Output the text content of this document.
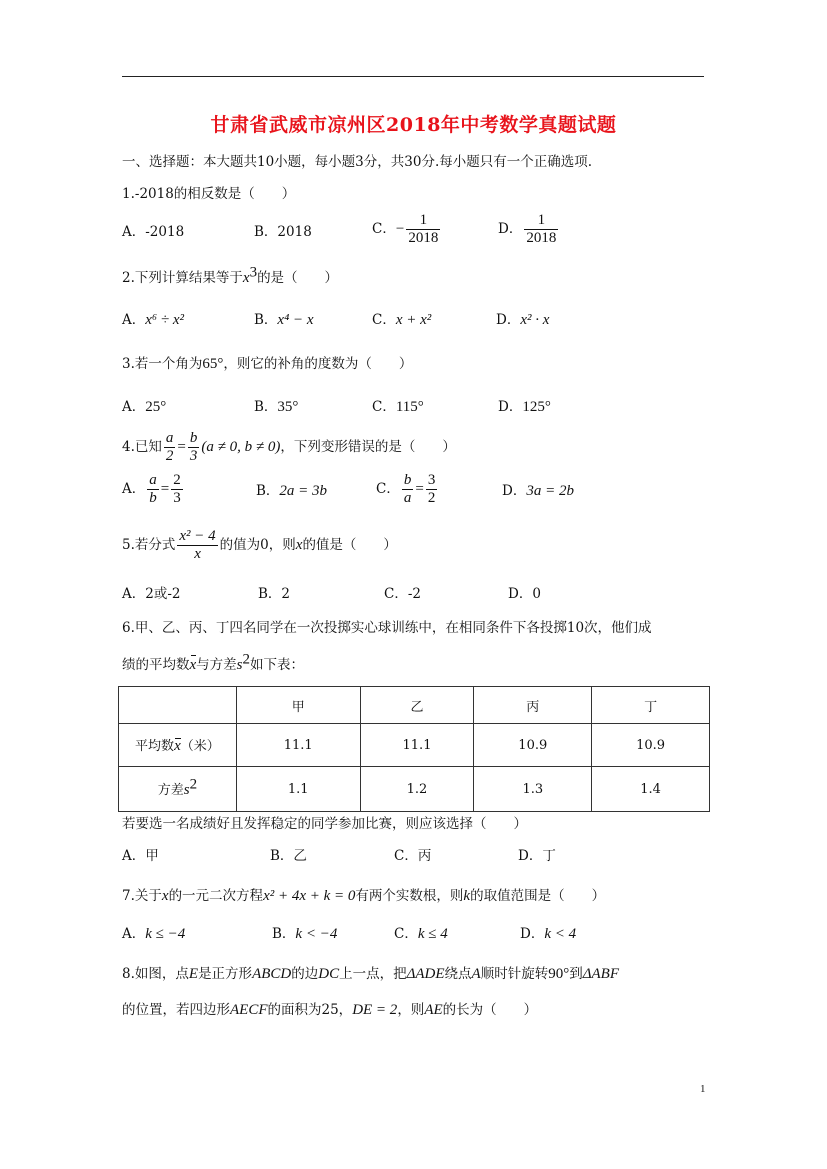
甘肃省武威市凉州区2018年中考数学真题试题
一、选择题：本大题共10小题，每小题3分，共30分.每小题只有一个正确选项.
1.-2018的相反数是（　　）
A．-2018	B．2018	C．− $\frac{1}{2018}$	D． $\frac{1}{2018}$
2.下列计算结果等于$x^3$的是（　　）
A．x⁶ ÷ x²	B．x⁴ − x	C．x + x²	D．x² · x
3.若一个角为65°，则它的补角的度数为（　　）
A．25°	B．35°	C．115°	D．125°
4.已知 $\frac{a}{2} = \frac{b}{3} (a \ne 0$, b ≠ 0)，下列变形错误的是（　　）
A． $\frac{a}{b} = \frac{2}{3}$	B．2a = 3b	C． $\frac{b}{a} = \frac{3}{2}$	D．3a = 2b
5.若分式 $\frac{\text{x² − 4}}{x}$ 的值为0，则x的值是（　　）
A．2或-2	B．2	C．-2	D．0
6.甲、乙、丙、丁四名同学在一次投掷实心球训练中，在相同条件下各投掷10次，他们成
绩的平均数x与方差$s^2$如下表：
	甲	乙	丙	丁
平均数x（米）	11.1	11.1	10.9	10.9
方差$s^2$	1.1	1.2	1.3	1.4
若要选一名成绩好且发挥稳定的同学参加比赛，则应该选择（　　）
A．甲	B．乙	C．丙	D．丁
7.关于x的一元二次方程x² + 4x + k = 0有两个实数根，则k的取值范围是（　　）
A．k ≤ −4	B．k < −4	C．k ≤ 4	D．k < 4
8.如图，点E是正方形ABCD的边DC上一点，把ΔADE绕点A顺时针旋转90°到ΔABF
的位置，若四边形AECF的面积为25，DE = 2，则AE的长为（　　）
1
